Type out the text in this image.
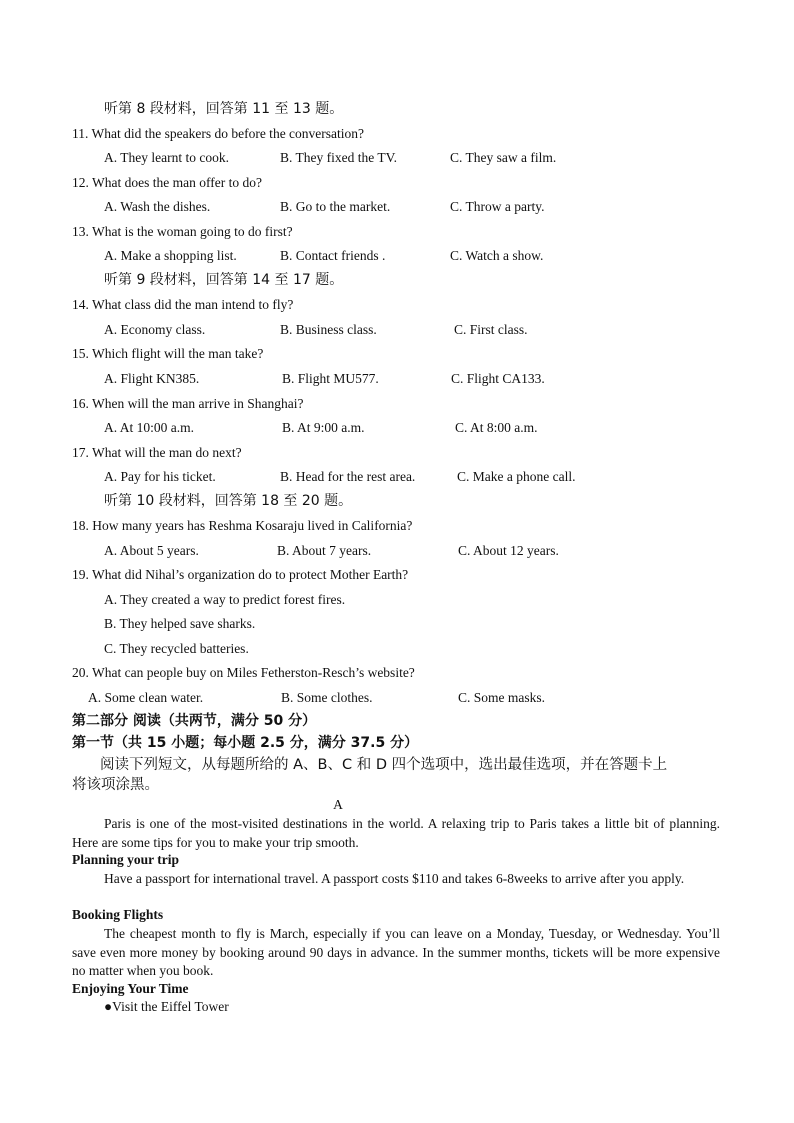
听第 8 段材料，回答第 11 至 13 题。
11. What did the speakers do before the conversation?
A. They learnt to cook.	B. They fixed the TV.	C. They saw a film.
12. What does the man offer to do?
A. Wash the dishes.	B. Go to the market.	C. Throw a party.
13. What is the woman going to do first?
A. Make a shopping list.	B. Contact friends .	C. Watch a show.
听第 9 段材料，回答第 14 至 17 题。
14. What class did the man intend to fly?
A. Economy class.	B. Business class.	C. First class.
15. Which flight will the man take?
A. Flight KN385.	B. Flight MU577.	C. Flight CA133.
16. When will the man arrive in Shanghai?
A. At 10:00 a.m.	B. At 9:00 a.m.	C. At 8:00 a.m.
17. What will the man do next?
A. Pay for his ticket.	B. Head for the rest area.	C. Make a phone call.
听第 10 段材料，回答第 18 至 20 题。
18. How many years has Reshma Kosaraju lived in California?
A. About 5 years.	B. About 7 years.	C. About 12 years.
19. What did Nihal’s organization do to protect Mother Earth?
A. They created a way to predict forest fires.
B. They helped save sharks.
C. They recycled batteries.
20. What can people buy on Miles Fetherston-Resch’s website?
A. Some clean water.	B. Some clothes.	C. Some masks.
第二部分 阅读（共两节，满分 50 分）
第一节（共 15 小题；每小题 2.5 分，满分 37.5 分）
阅读下列短文，从每题所给的 A、B、C 和 D 四个选项中，选出最佳选项，并在答题卡上
将该项涂黑。
A
Paris is one of the most-visited destinations in the world. A relaxing trip to Paris takes a little bit of planning. Here are some tips for you to make your trip smooth.
Planning your trip
Have a passport for international travel. A passport costs $110 and takes 6-8weeks to arrive after you apply.
Booking Flights
The cheapest month to fly is March, especially if you can leave on a Monday, Tuesday, or Wednesday. You’ll save even more money by booking around 90 days in advance. In the summer months, tickets will be more expensive no matter when you book.
Enjoying Your Time
●Visit the Eiffel Tower
